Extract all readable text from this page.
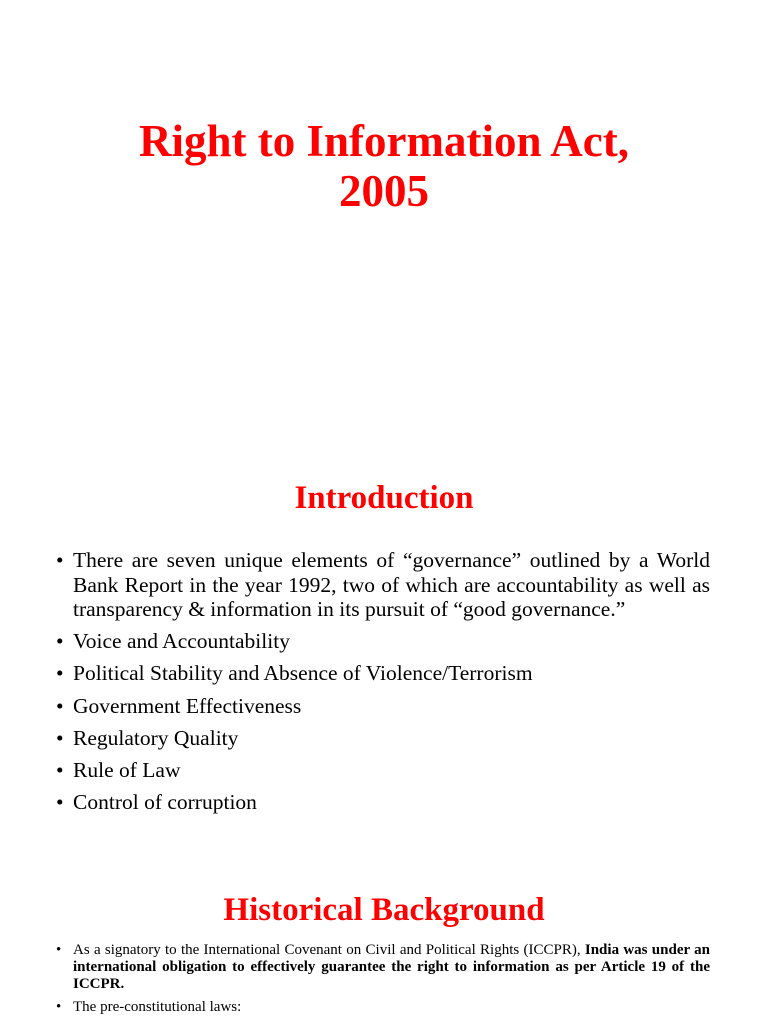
Right to Information Act,
2005
Introduction
• There are seven unique elements of “governance” outlined by a World Bank Report in the year 1992, two of which are accountability as well as transparency & information in its pursuit of “good governance.”
• Voice and Accountability
• Political Stability and Absence of Violence/Terrorism
• Government Effectiveness
• Regulatory Quality
• Rule of Law
• Control of corruption
Historical Background
• As a signatory to the International Covenant on Civil and Political Rights (ICCPR), India was under an international obligation to effectively guarantee the right to information as per Article 19 of the ICCPR.
• The pre-constitutional laws:
